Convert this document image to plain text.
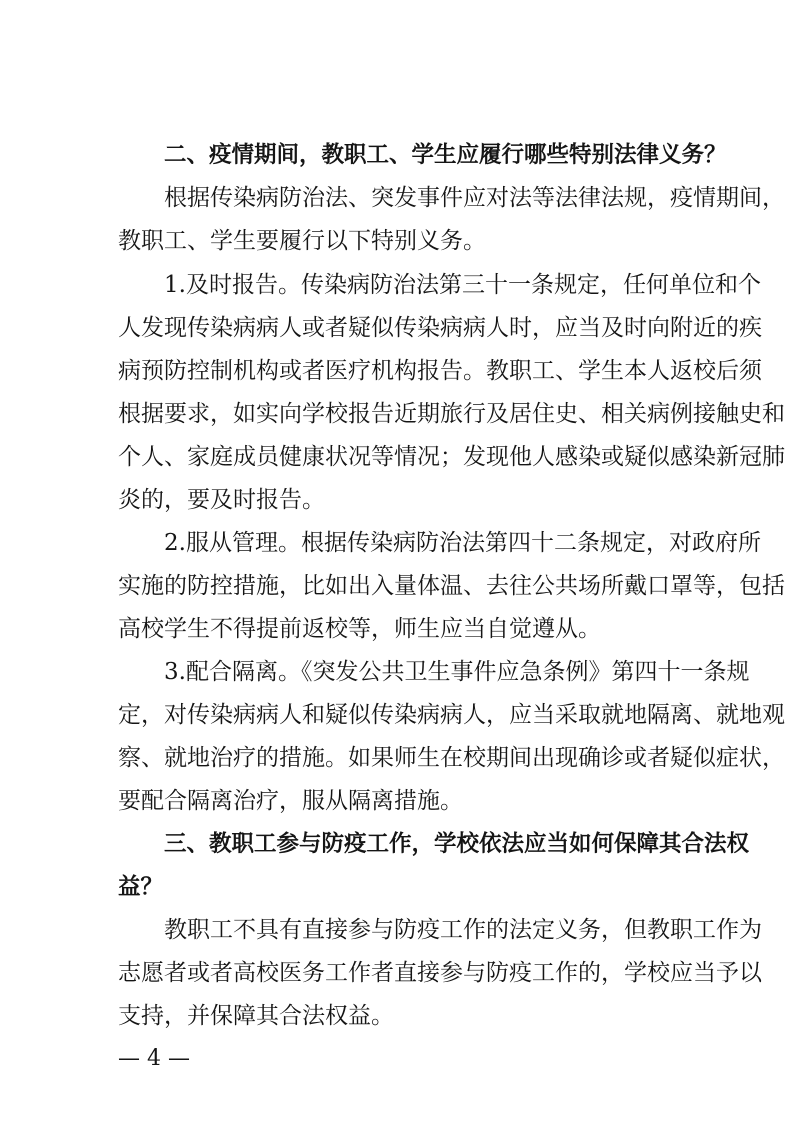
二、疫情期间，教职工、学生应履行哪些特别法律义务？
根据传染病防治法、突发事件应对法等法律法规，疫情期间，
教职工、学生要履行以下特别义务。
1.及时报告。传染病防治法第三十一条规定，任何单位和个
人发现传染病病人或者疑似传染病病人时，应当及时向附近的疾
病预防控制机构或者医疗机构报告。教职工、学生本人返校后须
根据要求，如实向学校报告近期旅行及居住史、相关病例接触史和
个人、家庭成员健康状况等情况；发现他人感染或疑似感染新冠肺
炎的，要及时报告。
2.服从管理。根据传染病防治法第四十二条规定，对政府所
实施的防控措施，比如出入量体温、去往公共场所戴口罩等，包括
高校学生不得提前返校等，师生应当自觉遵从。
3.配合隔离。《突发公共卫生事件应急条例》第四十一条规
定，对传染病病人和疑似传染病病人，应当采取就地隔离、就地观
察、就地治疗的措施。如果师生在校期间出现确诊或者疑似症状，
要配合隔离治疗，服从隔离措施。
三、教职工参与防疫工作，学校依法应当如何保障其合法权
益？
教职工不具有直接参与防疫工作的法定义务，但教职工作为
志愿者或者高校医务工作者直接参与防疫工作的，学校应当予以
支持，并保障其合法权益。
— 4 —
